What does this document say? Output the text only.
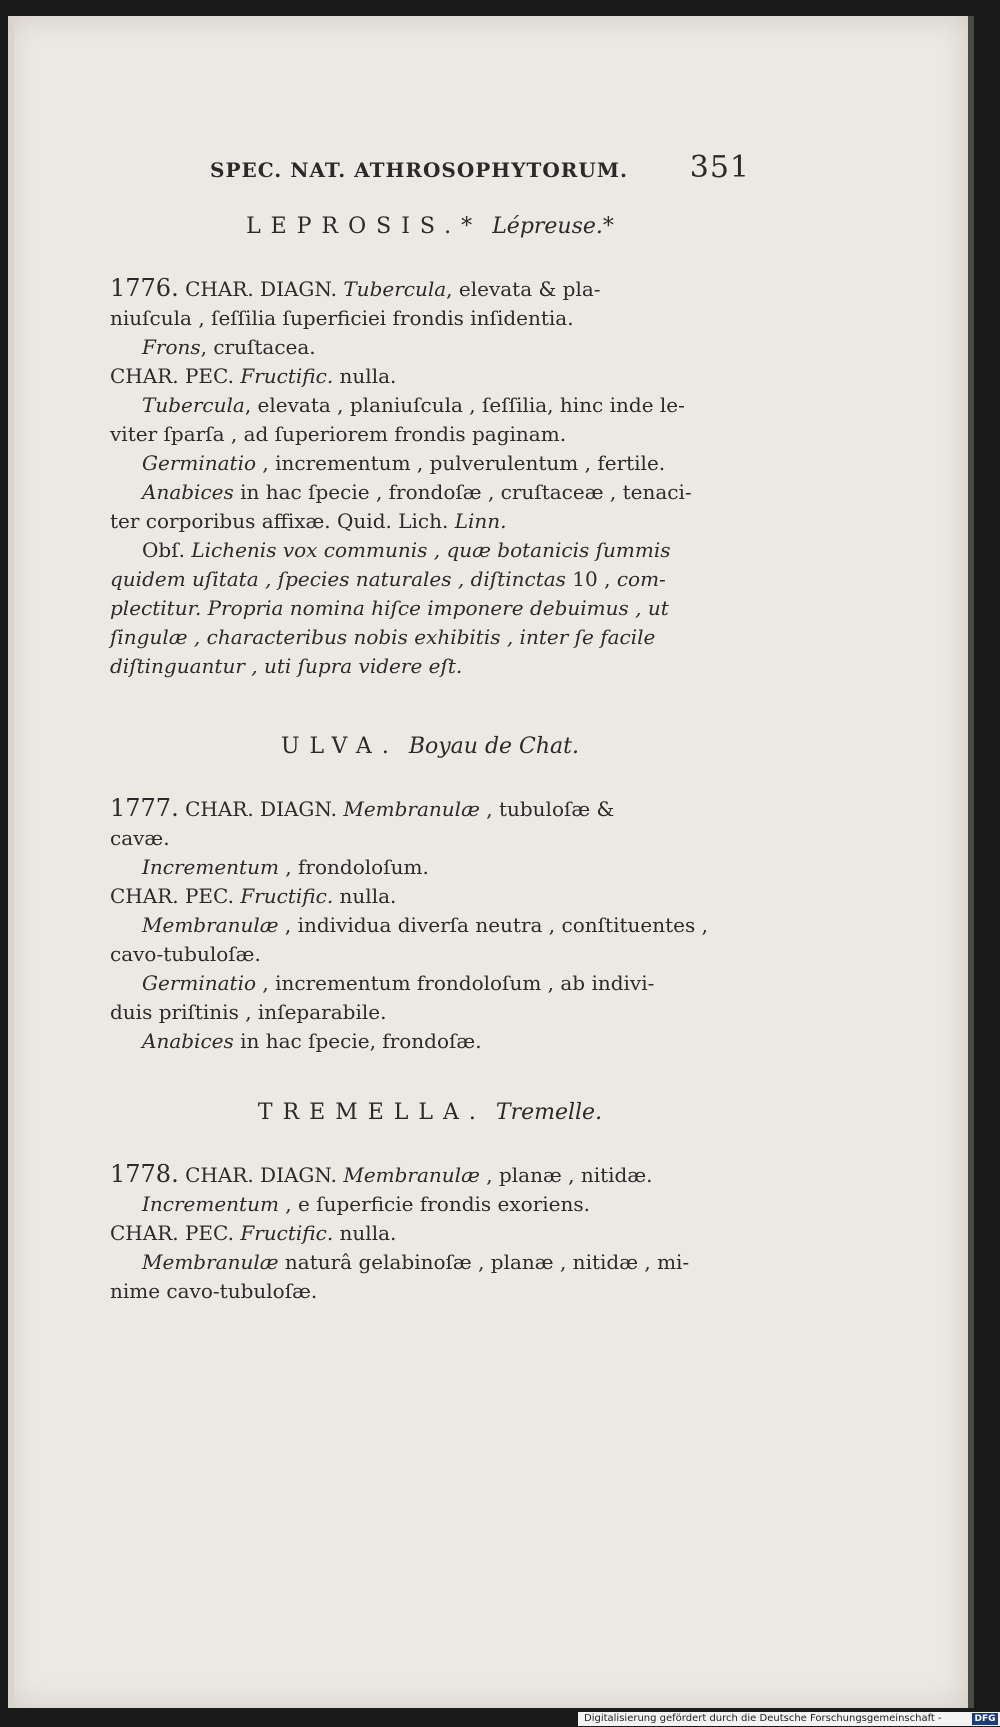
SPEC. NAT. ATHROSOPHYTORUM. 351
LEPROSIS.* Lépreuse.*

1776. CHAR. DIAGN. Tubercula, elevata & pla-

niuſcula , ſeſſilia ſuperficiei frondis inſidentia.

Frons, cruſtacea.

CHAR. PEC. Fructific. nulla.

Tubercula, elevata , planiuſcula , ſeſſilia, hinc inde le-

viter ſparſa , ad ſuperiorem frondis paginam.

Germinatio , incrementum , pulverulentum , fertile.

Anabices in hac ſpecie , frondoſæ , cruſtaceæ , tenaci-

ter corporibus affixæ. Quid. Lich. Linn.

Obſ. Lichenis vox communis , quæ botanicis ſummis

quidem uſitata , ſpecies naturales , diſtinctas 10 , com-

plectitur. Propria nomina hiſce imponere debuimus , ut

ſingulæ , characteribus nobis exhibitis , inter ſe facile

diſtinguantur , uti ſupra videre eſt.

ULVA. Boyau de Chat.

1777. CHAR. DIAGN. Membranulæ , tubuloſæ &

cavæ.

Incrementum , frondoloſum.

CHAR. PEC. Fructific. nulla.

Membranulæ , individua diverſa neutra , conſtituentes ,

cavo-tubuloſæ.

Germinatio , incrementum frondoloſum , ab indivi-

duis priſtinis , inſeparabile.

Anabices in hac ſpecie, frondoſæ.

TREMELLA. Tremelle.

1778. CHAR. DIAGN. Membranulæ , planæ , nitidæ.

Incrementum , e ſuperficie frondis exoriens.

CHAR. PEC. Fructific. nulla.

Membranulæ naturâ gelabinoſæ , planæ , nitidæ , mi-

nime cavo-tubuloſæ.

Digitalisierung gefördert durch die Deutsche Forschungsgemeinschaft -	DFG
